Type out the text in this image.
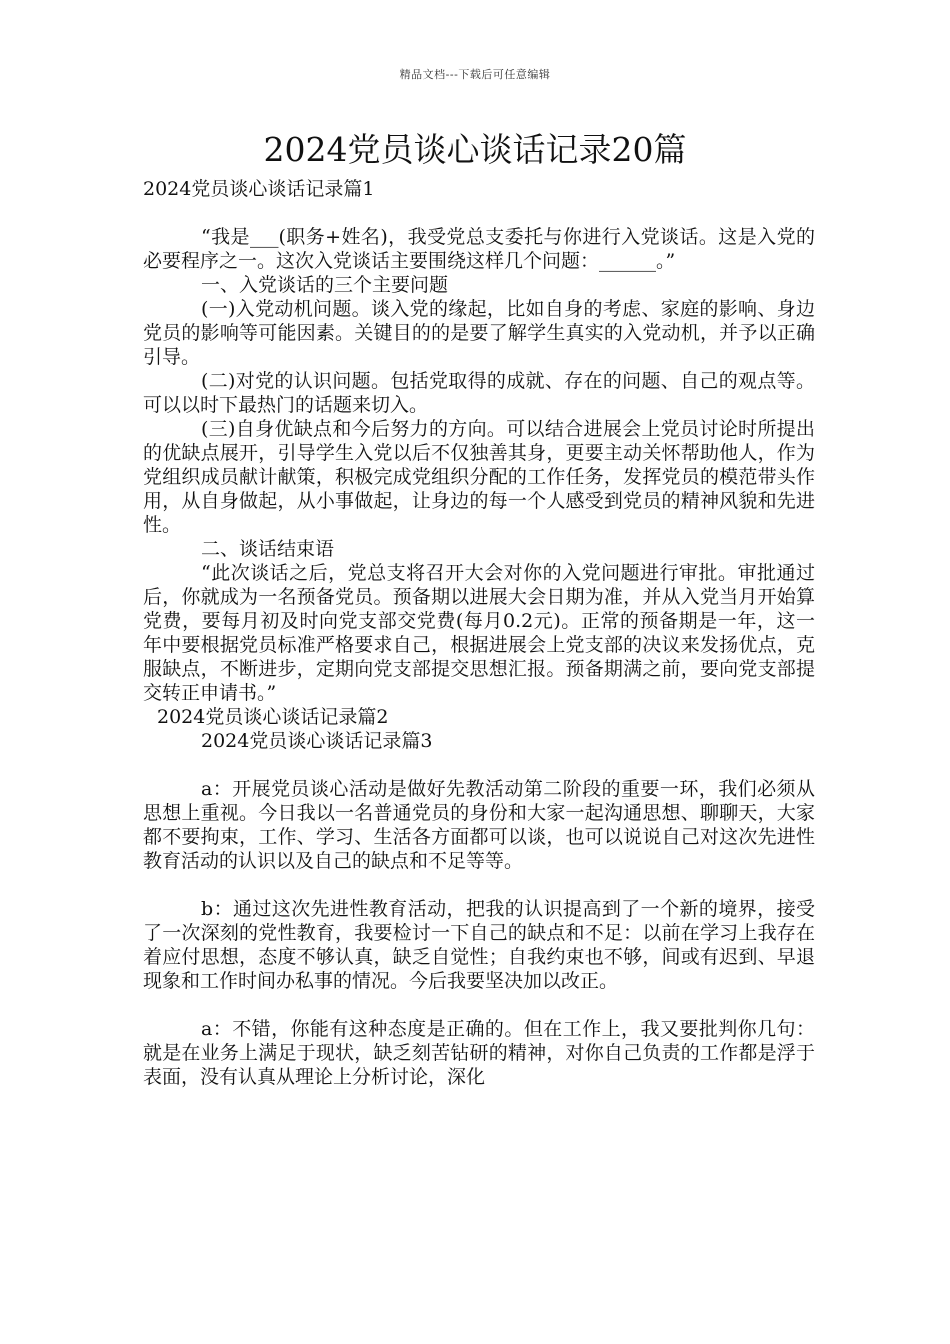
精品文档---下载后可任意编辑
2024党员谈心谈话记录20篇

2024党员谈心谈话记录篇1

“我是___(职务+姓名)，我受党总支委托与你进行入党谈话。这是入党的必要程序之一。这次入党谈话主要围绕这样几个问题：______。”

一、入党谈话的三个主要问题

(一)入党动机问题。谈入党的缘起，比如自身的考虑、家庭的影响、身边党员的影响等可能因素。关键目的的是要了解学生真实的入党动机，并予以正确引导。

(二)对党的认识问题。包括党取得的成就、存在的问题、自己的观点等。可以以时下最热门的话题来切入。

(三)自身优缺点和今后努力的方向。可以结合进展会上党员讨论时所提出的优缺点展开，引导学生入党以后不仅独善其身，更要主动关怀帮助他人，作为党组织成员献计献策，积极完成党组织分配的工作任务，发挥党员的模范带头作用，从自身做起，从小事做起，让身边的每一个人感受到党员的精神风貌和先进性。

二、谈话结束语

“此次谈话之后，党总支将召开大会对你的入党问题进行审批。审批通过后，你就成为一名预备党员。预备期以进展大会日期为准，并从入党当月开始算党费，要每月初及时向党支部交党费(每月0.2元)。正常的预备期是一年，这一年中要根据党员标准严格要求自己，根据进展会上党支部的决议来发扬优点，克服缺点，不断进步，定期向党支部提交思想汇报。预备期满之前，要向党支部提交转正申请书。”

2024党员谈心谈话记录篇2

2024党员谈心谈话记录篇3

a：开展党员谈心活动是做好先教活动第二阶段的重要一环，我们必须从思想上重视。今日我以一名普通党员的身份和大家一起沟通思想、聊聊天，大家都不要拘束，工作、学习、生活各方面都可以谈，也可以说说自己对这次先进性教育活动的认识以及自己的缺点和不足等等。

b：通过这次先进性教育活动，把我的认识提高到了一个新的境界，接受了一次深刻的党性教育，我要检讨一下自己的缺点和不足：以前在学习上我存在着应付思想，态度不够认真，缺乏自觉性；自我约束也不够，间或有迟到、早退现象和工作时间办私事的情况。今后我要坚决加以改正。

a：不错，你能有这种态度是正确的。但在工作上，我又要批判你几句：就是在业务上满足于现状，缺乏刻苦钻研的精神，对你自己负责的工作都是浮于表面，没有认真从理论上分析讨论，深化
